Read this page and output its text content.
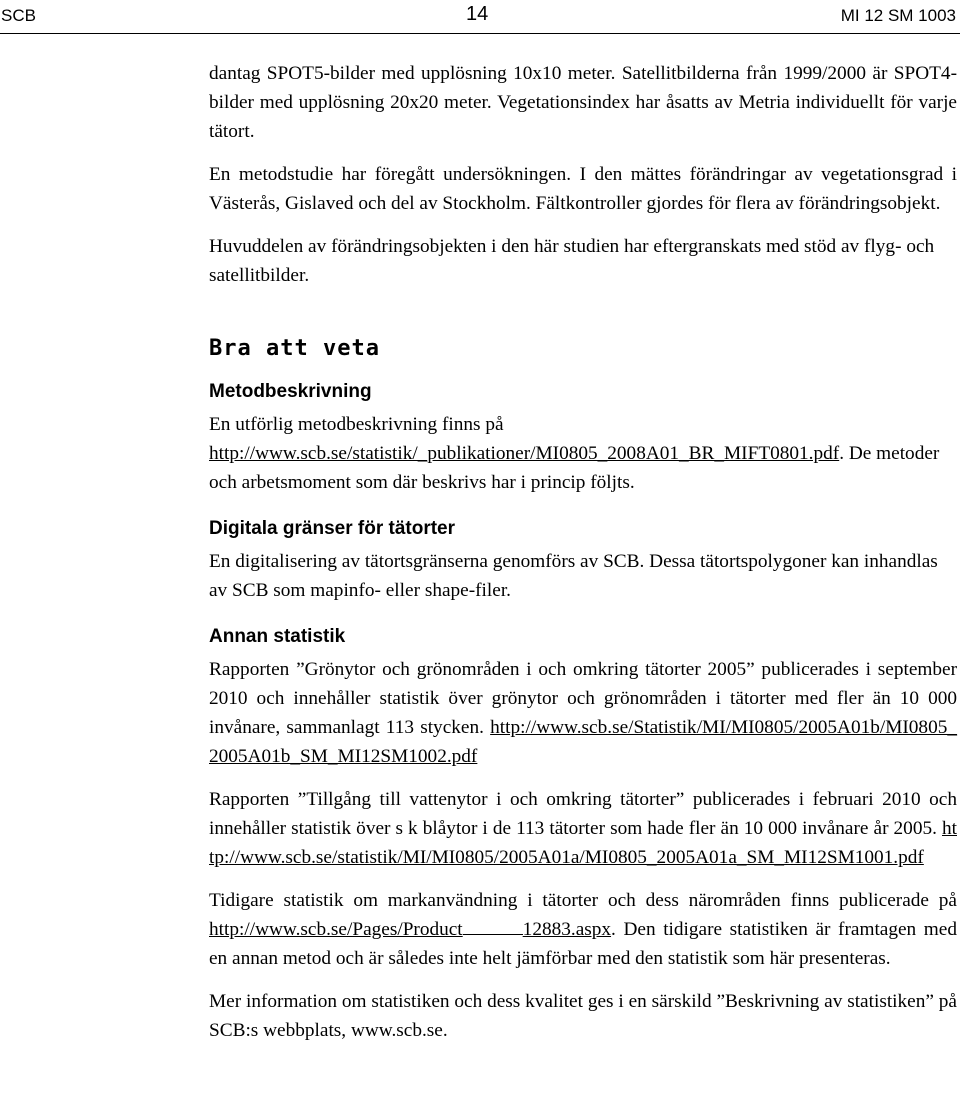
SCB	14	MI 12 SM 1003

dantag SPOT5-bilder med upplösning 10x10 meter. Satellitbilderna från 1999/2000 är SPOT4-bilder med upplösning 20x20 meter. Vegetationsindex har åsatts av Metria individuellt för varje tätort.

En metodstudie har föregått undersökningen. I den mättes förändringar av vegetationsgrad i Västerås, Gislaved och del av Stockholm. Fältkontroller gjordes för flera av förändringsobjekt.

Huvuddelen av förändringsobjekten i den här studien har eftergranskats med stöd av flyg- och satellitbilder.

Bra att veta

Metodbeskrivning

En utförlig metodbeskrivning finns på
http://www.scb.se/statistik/_publikationer/MI0805_2008A01_BR_MIFT0801.pdf. De metoder och arbetsmoment som där beskrivs har i princip följts.

Digitala gränser för tätorter

En digitalisering av tätortsgränserna genomförs av SCB. Dessa tätortspolygoner kan inhandlas av SCB som mapinfo- eller shape-filer.

Annan statistik

Rapporten ”Grönytor och grönområden i och omkring tätorter 2005” publicerades i september 2010 och innehåller statistik över grönytor och grönområden i tätorter med fler än 10 000 invånare, sammanlagt 113 stycken. http://www.scb.se/Statistik/MI/MI0805/2005A01b/MI0805_2005A01b_SM_MI12SM1002.pdf

Rapporten ”Tillgång till vattenytor i och omkring tätorter” publicerades i februari 2010 och innehåller statistik över s k blåytor i de 113 tätorter som hade fler än 10 000 invånare år 2005. http://www.scb.se/statistik/MI/MI0805/2005A01a/MI0805_2005A01a_SM_MI12SM1001.pdf

Tidigare statistik om markanvändning i tätorter och dess närområden finns publicerade på http://www.scb.se/Pages/Product	12883.aspx. Den tidigare statistiken är framtagen med en annan metod och är således inte helt jämförbar med den statistik som här presenteras.

Mer information om statistiken och dess kvalitet ges i en särskild ”Beskrivning av statistiken” på SCB:s webbplats, www.scb.se.
